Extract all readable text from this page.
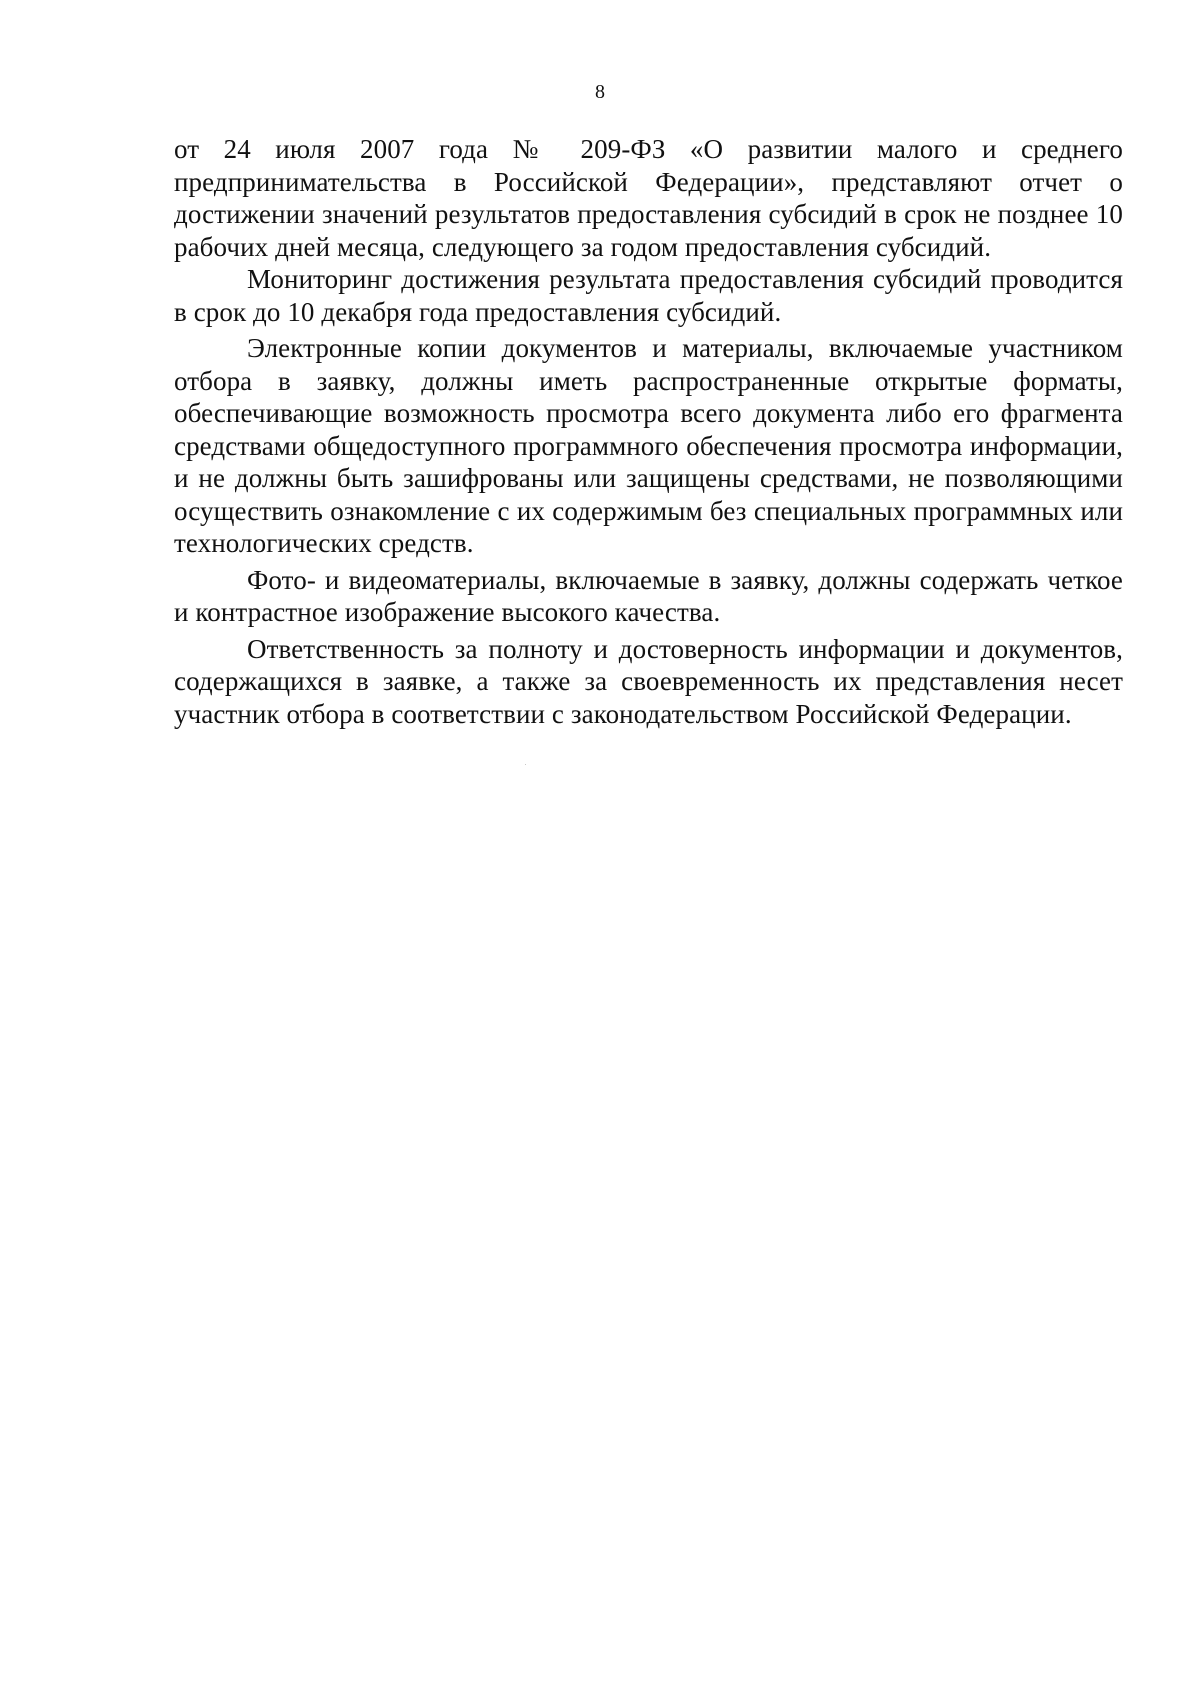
8

от 24 июля 2007 года № 209-ФЗ «О развитии малого и среднего предпринимательства в Российской Федерации», представляют отчет о достижении значений результатов предоставления субсидий в срок не позднее 10 рабочих дней месяца, следующего за годом предоставления субсидий.

Мониторинг достижения результата предоставления субсидий проводится в срок до 10 декабря года предоставления субсидий.

Электронные копии документов и материалы, включаемые участником отбора в заявку, должны иметь распространенные открытые форматы, обеспечивающие возможность просмотра всего документа либо его фрагмента средствами общедоступного программного обеспечения просмотра информации, и не должны быть зашифрованы или защищены средствами, не позволяющими осуществить ознакомление с их содержимым без специальных программных или технологических средств.

Фото- и видеоматериалы, включаемые в заявку, должны содержать четкое и контрастное изображение высокого качества.

Ответственность за полноту и достоверность информации и документов, содержащихся в заявке, а также за своевременность их представления несет участник отбора в соответствии с законодательством Российской Федерации.
